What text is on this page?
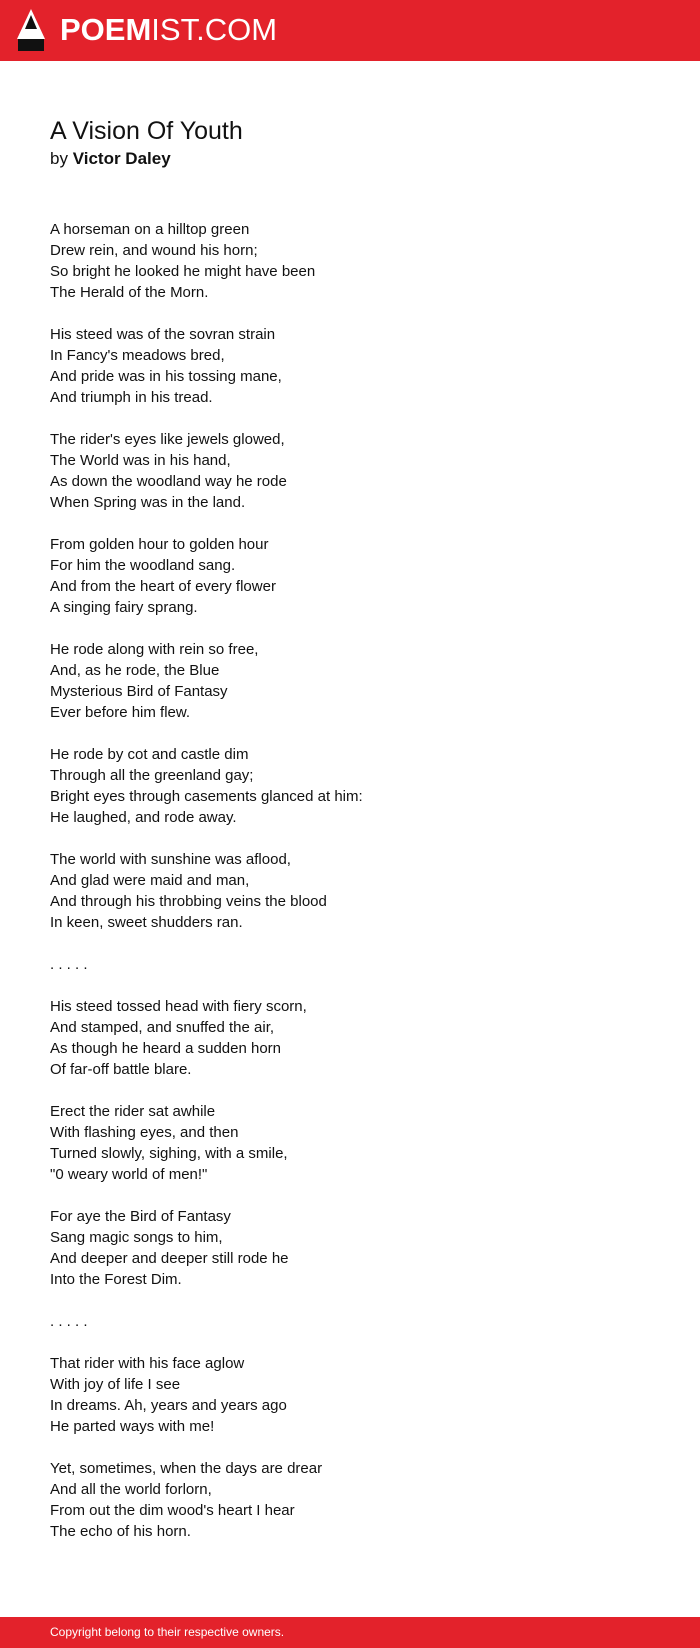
POEMIST.COM
A Vision Of Youth
by Victor Daley
A horseman on a hilltop green
Drew rein, and wound his horn;
So bright he looked he might have been
The Herald of the Morn.
His steed was of the sovran strain
In Fancy's meadows bred,
And pride was in his tossing mane,
And triumph in his tread.
The rider's eyes like jewels glowed,
The World was in his hand,
As down the woodland way he rode
When Spring was in the land.
From golden hour to golden hour
For him the woodland sang.
And from the heart of every flower
A singing fairy sprang.
He rode along with rein so free,
And, as he rode, the Blue
Mysterious Bird of Fantasy
Ever before him flew.
He rode by cot and castle dim
Through all the greenland gay;
Bright eyes through casements glanced at him:
He laughed, and rode away.
The world with sunshine was aflood,
And glad were maid and man,
And through his throbbing veins the blood
In keen, sweet shudders ran.
. . . . .
His steed tossed head with fiery scorn,
And stamped, and snuffed the air,
As though he heard a sudden horn
Of far-off battle blare.
Erect the rider sat awhile
With flashing eyes, and then
Turned slowly, sighing, with a smile,
"0 weary world of men!"
For aye the Bird of Fantasy
Sang magic songs to him,
And deeper and deeper still rode he
Into the Forest Dim.
. . . . .
That rider with his face aglow
With joy of life I see
In dreams. Ah, years and years ago
He parted ways with me!
Yet, sometimes, when the days are drear
And all the world forlorn,
From out the dim wood's heart I hear
The echo of his horn.
Copyright belong to their respective owners.
